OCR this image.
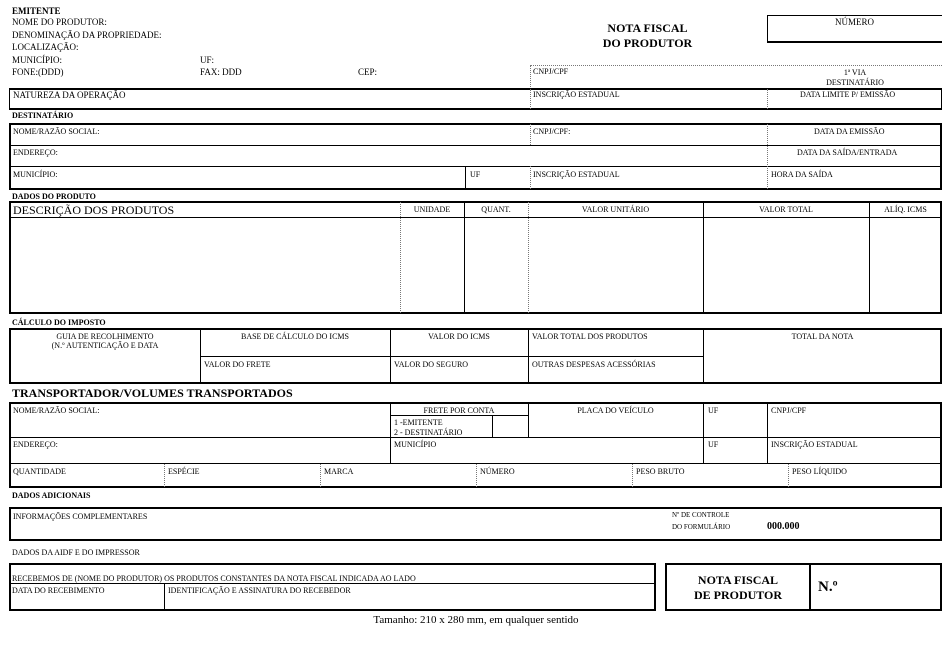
EMITENTE
NOME DO PRODUTOR:
DENOMINAÇÃO DA PROPRIEDADE:
LOCALIZAÇÃO:
MUNICÍPIO:	UF:
FONE:(DDD)	FAX: DDD	CEP:
NOTA FISCAL
DO PRODUTOR
NÚMERO
CNPJ/CPF	1ª VIA
DESTINATÁRIO
NATUREZA DA OPERAÇÃO	INSCRIÇÃO ESTADUAL	DATA LIMITE P/ EMISSÃO
DESTINATÁRIO
NOME/RAZÃO SOCIAL:	CNPJ/CPF:	DATA DA EMISSÃO
ENDEREÇO:	DATA DA SAÍDA/ENTRADA
MUNICÍPIO:	UF	INSCRIÇÃO ESTADUAL	HORA DA SAÍDA
DADOS DO PRODUTO
DESCRIÇÃO DOS PRODUTOS	UNIDADE	QUANT.	VALOR UNITÁRIO	VALOR TOTAL	ALÍQ. ICMS
CÁLCULO DO IMPOSTO
GUIA DE RECOLHIMENTO
(N.º AUTENTICAÇÃO E DATA
BASE DE CÁLCULO DO ICMS	VALOR DO ICMS	VALOR TOTAL DOS PRODUTOS	TOTAL DA NOTA
VALOR DO FRETE	VALOR DO SEGURO	OUTRAS DESPESAS ACESSÓRIAS
TRANSPORTADOR/VOLUMES TRANSPORTADOS
NOME/RAZÃO SOCIAL:	FRETE POR CONTA
1 -EMITENTE
2 - DESTINATÁRIO
PLACA DO VEÍCULO	UF	CNPJ/CPF
ENDEREÇO:	MUNICÍPIO	UF	INSCRIÇÃO ESTADUAL
QUANTIDADE	ESPÉCIE	MARCA	NÚMERO	PESO BRUTO	PESO LÍQUIDO
DADOS ADICIONAIS
INFORMAÇÕES COMPLEMENTARES	Nº DE CONTROLE
DO FORMULÁRIO	000.000
DADOS DA AIDF E DO IMPRESSOR
RECEBEMOS DE (NOME DO PRODUTOR) OS PRODUTOS CONSTANTES DA NOTA FISCAL INDICADA AO LADO
DATA DO RECEBIMENTO	IDENTIFICAÇÃO E ASSINATURA DO RECEBEDOR
NOTA FISCAL
DE PRODUTOR	N.º
Tamanho: 210 x 280 mm, em qualquer sentido
